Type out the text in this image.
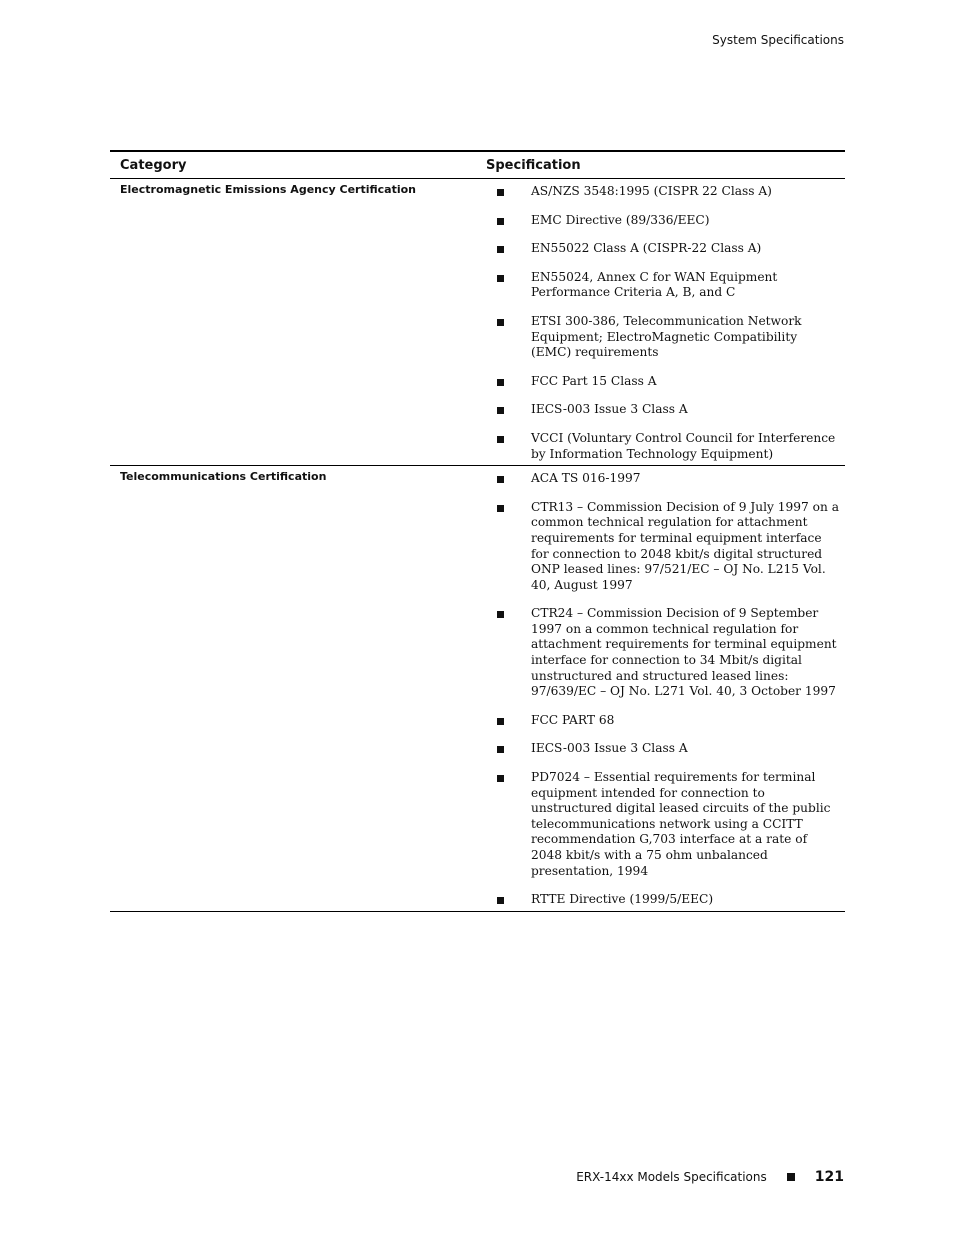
System Specifications
Category	Specification
Electromagnetic Emissions Agency Certification	AS/NZS 3548:1995 (CISPR 22 Class A)
EMC Directive (89/336/EEC)
EN55022 Class A (CISPR-22 Class A)
EN55024, Annex C for WAN Equipment Performance Criteria A, B, and C
ETSI 300-386, Telecommunication Network Equipment; ElectroMagnetic Compatibility (EMC) requirements
FCC Part 15 Class A
IECS-003 Issue 3 Class A
VCCI (Voluntary Control Council for Interference by Information Technology Equipment)
Telecommunications Certification	ACA TS 016-1997
CTR13 – Commission Decision of 9 July 1997 on a common technical regulation for attachment requirements for terminal equipment interface for connection to 2048 kbit/s digital structured ONP leased lines: 97/521/EC – OJ No. L215 Vol. 40, August 1997
CTR24 – Commission Decision of 9 September 1997 on a common technical regulation for attachment requirements for terminal equipment interface for connection to 34 Mbit/s digital unstructured and structured leased lines: 97/639/EC – OJ No. L271 Vol. 40, 3 October 1997
FCC PART 68
IECS-003 Issue 3 Class A
PD7024 – Essential requirements for terminal equipment intended for connection to unstructured digital leased circuits of the public telecommunications network using a CCITT recommendation G,703 interface at a rate of 2048 kbit/s with a 75 ohm unbalanced presentation, 1994
RTTE Directive (1999/5/EEC)
ERX-14xx Models Specifications	121
